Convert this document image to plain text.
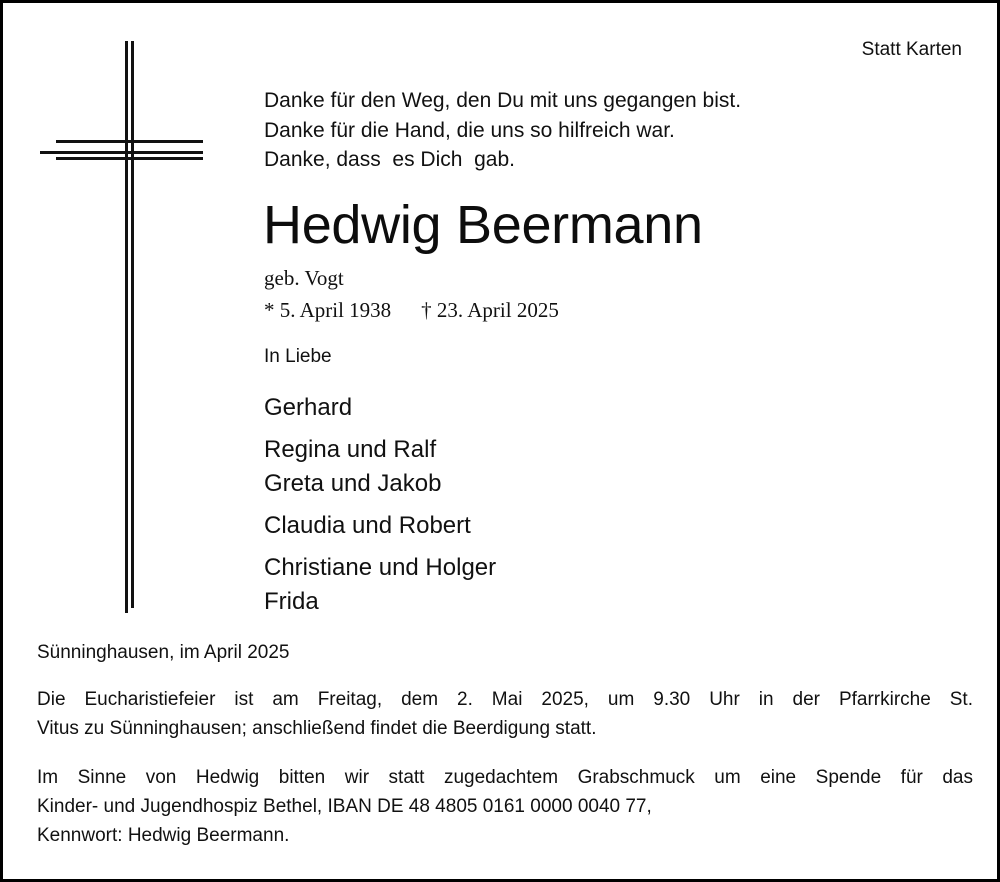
Statt Karten
Danke für den Weg, den Du mit uns gegangen bist.
Danke für die Hand, die uns so hilfreich war.
Danke, dass  es Dich  gab.
Hedwig Beermann
geb. Vogt
* 5. April 1938 † 23. April 2025
In Liebe
Gerhard
Regina und Ralf
Greta und Jakob
Claudia und Robert
Christiane und Holger
Frida
Sünninghausen, im April 2025
Die Eucharistiefeier ist am Freitag, dem 2. Mai 2025, um 9.30 Uhr in der Pfarrkirche St.
Vitus zu Sünninghausen; anschließend findet die Beerdigung statt.
Im Sinne von Hedwig bitten wir statt zugedachtem Grabschmuck um eine Spende für das
Kinder- und Jugendhospiz Bethel, IBAN DE 48 4805 0161 0000 0040 77,
Kennwort: Hedwig Beermann.
